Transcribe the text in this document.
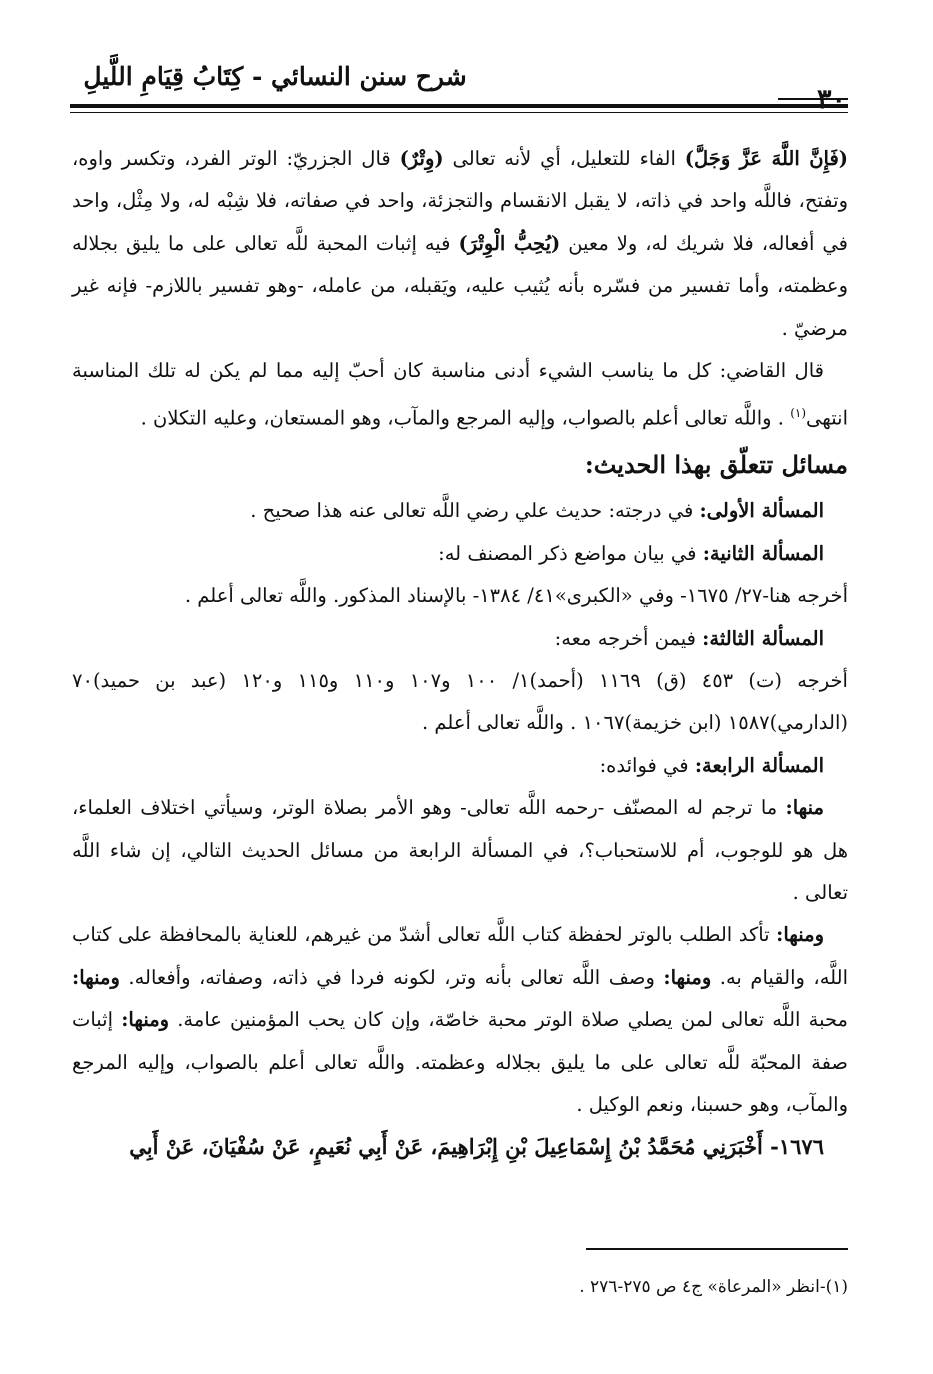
شرح سنن النسائي - كِتَابُ قِيَامِ اللَّيلِ

(فَإِنَّ اللَّهَ عَزَّ وَجَلَّ) الفاء للتعليل، أي لأنه تعالى (وِتْرٌ) قال الجزريّ: الوتر الفرد، وتكسر واوه، وتفتح، فاللَّه واحد في ذاته، لا يقبل الانقسام والتجزئة، واحد في صفاته، فلا شِبْه له، ولا مِثْل، واحد في أفعاله، فلا شريك له، ولا معين (يُحِبُّ الْوِتْرَ) فيه إثبات المحبة للَّه تعالى على ما يليق بجلاله وعظمته، وأما تفسير من فسّره بأنه يُثيب عليه، ويَقبله، من عامله، -وهو تفسير باللازم- فإنه غير مرضيّ .

قال القاضي: كل ما يناسب الشيء أدنى مناسبة كان أحبّ إليه مما لم يكن له تلك المناسبة انتهى$^{(١)}$ . واللَّه تعالى أعلم بالصواب، وإليه المرجع والمآب، وهو المستعان، وعليه التكلان .

مسائل تتعلّق بهذا الحديث:

المسألة الأولى: في درجته: حديث علي رضي اللَّه تعالى عنه هذا صحيح .

المسألة الثانية: في بيان مواضع ذكر المصنف له:

أخرجه هنا-٢٧/ ١٦٧٥- وفي «الكبرى»٤١/ ١٣٨٤- بالإسناد المذكور. واللَّه تعالى أعلم .

المسألة الثالثة: فيمن أخرجه معه:

أخرجه (ت) ٤٥٣ (ق) ١١٦٩ (أحمد)١/ ١٠٠ و١٠٧ و١١٠ و١١٥ و١٢٠ (عبد بن حميد)٧٠ (الدارمي)١٥٨٧ (ابن خزيمة)١٠٦٧ . واللَّه تعالى أعلم .

المسألة الرابعة: في فوائده:

منها: ما ترجم له المصنّف -رحمه اللَّه تعالى- وهو الأمر بصلاة الوتر، وسيأتي اختلاف العلماء، هل هو للوجوب، أم للاستحباب؟، في المسألة الرابعة من مسائل الحديث التالي، إن شاء اللَّه تعالى .

ومنها: تأكد الطلب بالوتر لحفظة كتاب اللَّه تعالى أشدّ من غيرهم، للعناية بالمحافظة على كتاب اللَّه، والقيام به. ومنها: وصف اللَّه تعالى بأنه وتر، لكونه فردا في ذاته، وصفاته، وأفعاله. ومنها: محبة اللَّه تعالى لمن يصلي صلاة الوتر محبة خاصّة، وإن كان يحب المؤمنين عامة. ومنها: إثبات صفة المحبّة للَّه تعالى على ما يليق بجلاله وعظمته. واللَّه تعالى أعلم بالصواب، وإليه المرجع والمآب، وهو حسبنا، ونعم الوكيل .

١٦٧٦- أَخْبَرَنِي مُحَمَّدُ بْنُ إِسْمَاعِيلَ بْنِ إِبْرَاهِيمَ، عَنْ أَبِي نُعَيمٍ، عَنْ سُفْيَانَ، عَنْ أَبِي

(١)-انظر «المرعاة» ج٤ ص ٢٧٥-٢٧٦ .
